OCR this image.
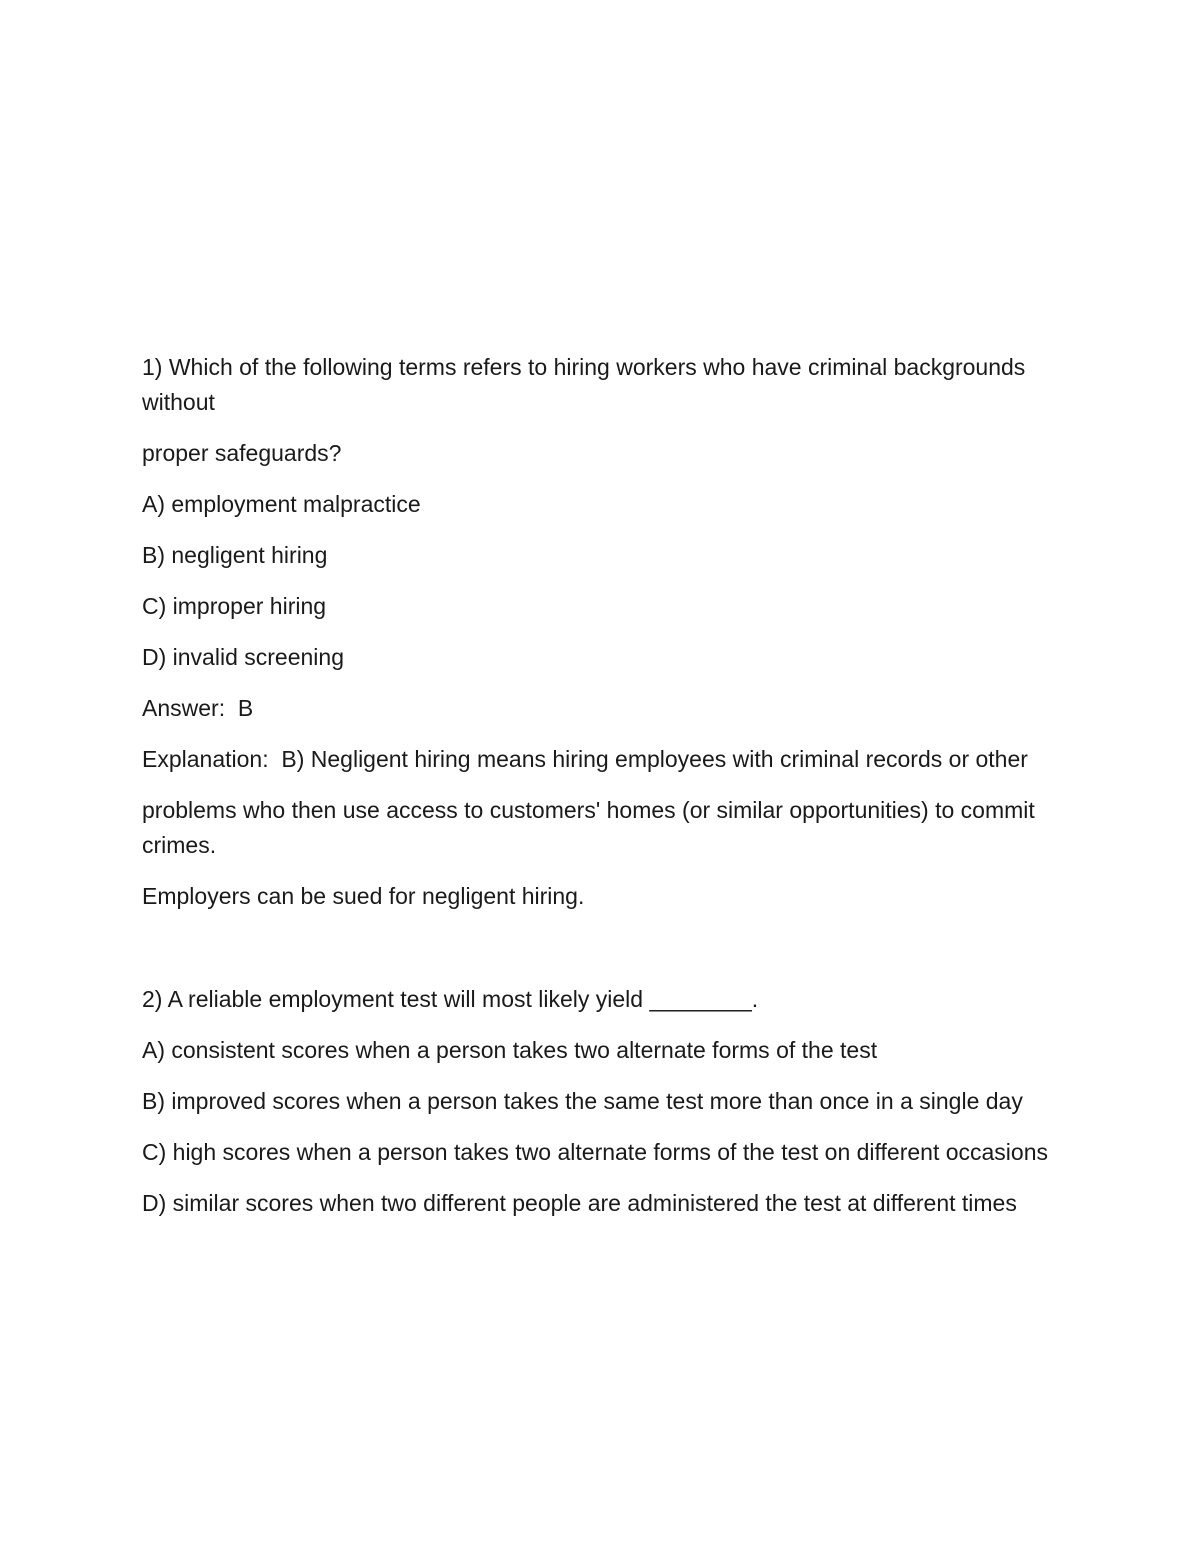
1) Which of the following terms refers to hiring workers who have criminal backgrounds without

proper safeguards?

A) employment malpractice

B) negligent hiring

C) improper hiring

D) invalid screening

Answer:  B

Explanation:  B) Negligent hiring means hiring employees with criminal records or other

problems who then use access to customers' homes (or similar opportunities) to commit crimes.

Employers can be sued for negligent hiring.

2) A reliable employment test will most likely yield ________.

A) consistent scores when a person takes two alternate forms of the test

B) improved scores when a person takes the same test more than once in a single day

C) high scores when a person takes two alternate forms of the test on different occasions

D) similar scores when two different people are administered the test at different times
